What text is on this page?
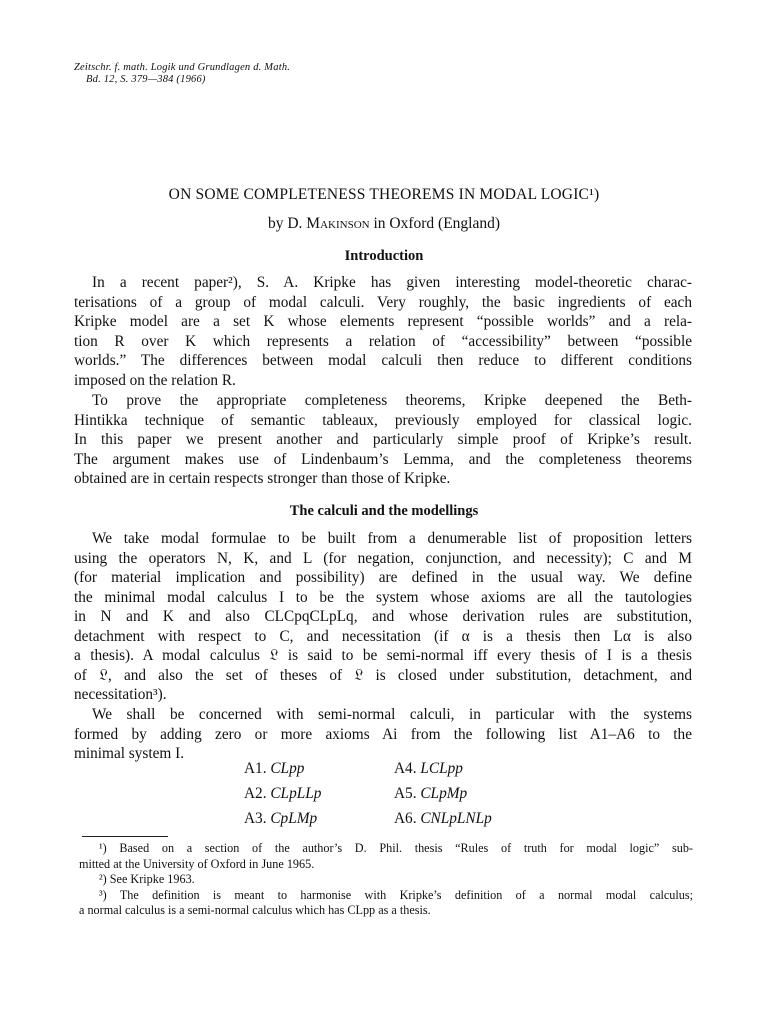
Zeitschr. f. math. Logik und Grundlagen d. Math.
Bd. 12, S. 379—384 (1966)
ON SOME COMPLETENESS THEOREMS IN MODAL LOGIC¹)
by D. Makinson in Oxford (England)
Introduction
In a recent paper²), S. A. Kripke has given interesting model-theoretic charac-
terisations of a group of modal calculi. Very roughly, the basic ingredients of each
Kripke model are a set K whose elements represent “possible worlds” and a rela-
tion R over K which represents a relation of “accessibility” between “possible
worlds.” The differences between modal calculi then reduce to different conditions
imposed on the relation R.
To prove the appropriate completeness theorems, Kripke deepened the Beth-
Hintikka technique of semantic tableaux, previously employed for classical logic.
In this paper we present another and particularly simple proof of Kripke’s result.
The argument makes use of Lindenbaum’s Lemma, and the completeness theorems
obtained are in certain respects stronger than those of Kripke.
The calculi and the modellings
We take modal formulae to be built from a denumerable list of proposition letters
using the operators N, K, and L (for negation, conjunction, and necessity); C and M
(for material implication and possibility) are defined in the usual way. We define
the minimal modal calculus I to be the system whose axioms are all the tautologies
in N and K and also CLCpqCLpLq, and whose derivation rules are substitution,
detachment with respect to C, and necessitation (if α is a thesis then Lα is also
a thesis). A modal calculus 𝔏 is said to be semi-normal iff every thesis of I is a thesis
of 𝔏, and also the set of theses of 𝔏 is closed under substitution, detachment, and
necessitation³).
We shall be concerned with semi-normal calculi, in particular with the systems
formed by adding zero or more axioms Ai from the following list A1–A6 to the
minimal system I.
A1. CLpp	A4. LCLpp
A2. CLpLLp	A5. CLpMp
A3. CpLMp	A6. CNLpLNLp
¹) Based on a section of the author’s D. Phil. thesis “Rules of truth for modal logic” sub-
mitted at the University of Oxford in June 1965.
²) See Kripke 1963.
³) The definition is meant to harmonise with Kripke’s definition of a normal modal calculus;
a normal calculus is a semi-normal calculus which has CLpp as a thesis.
